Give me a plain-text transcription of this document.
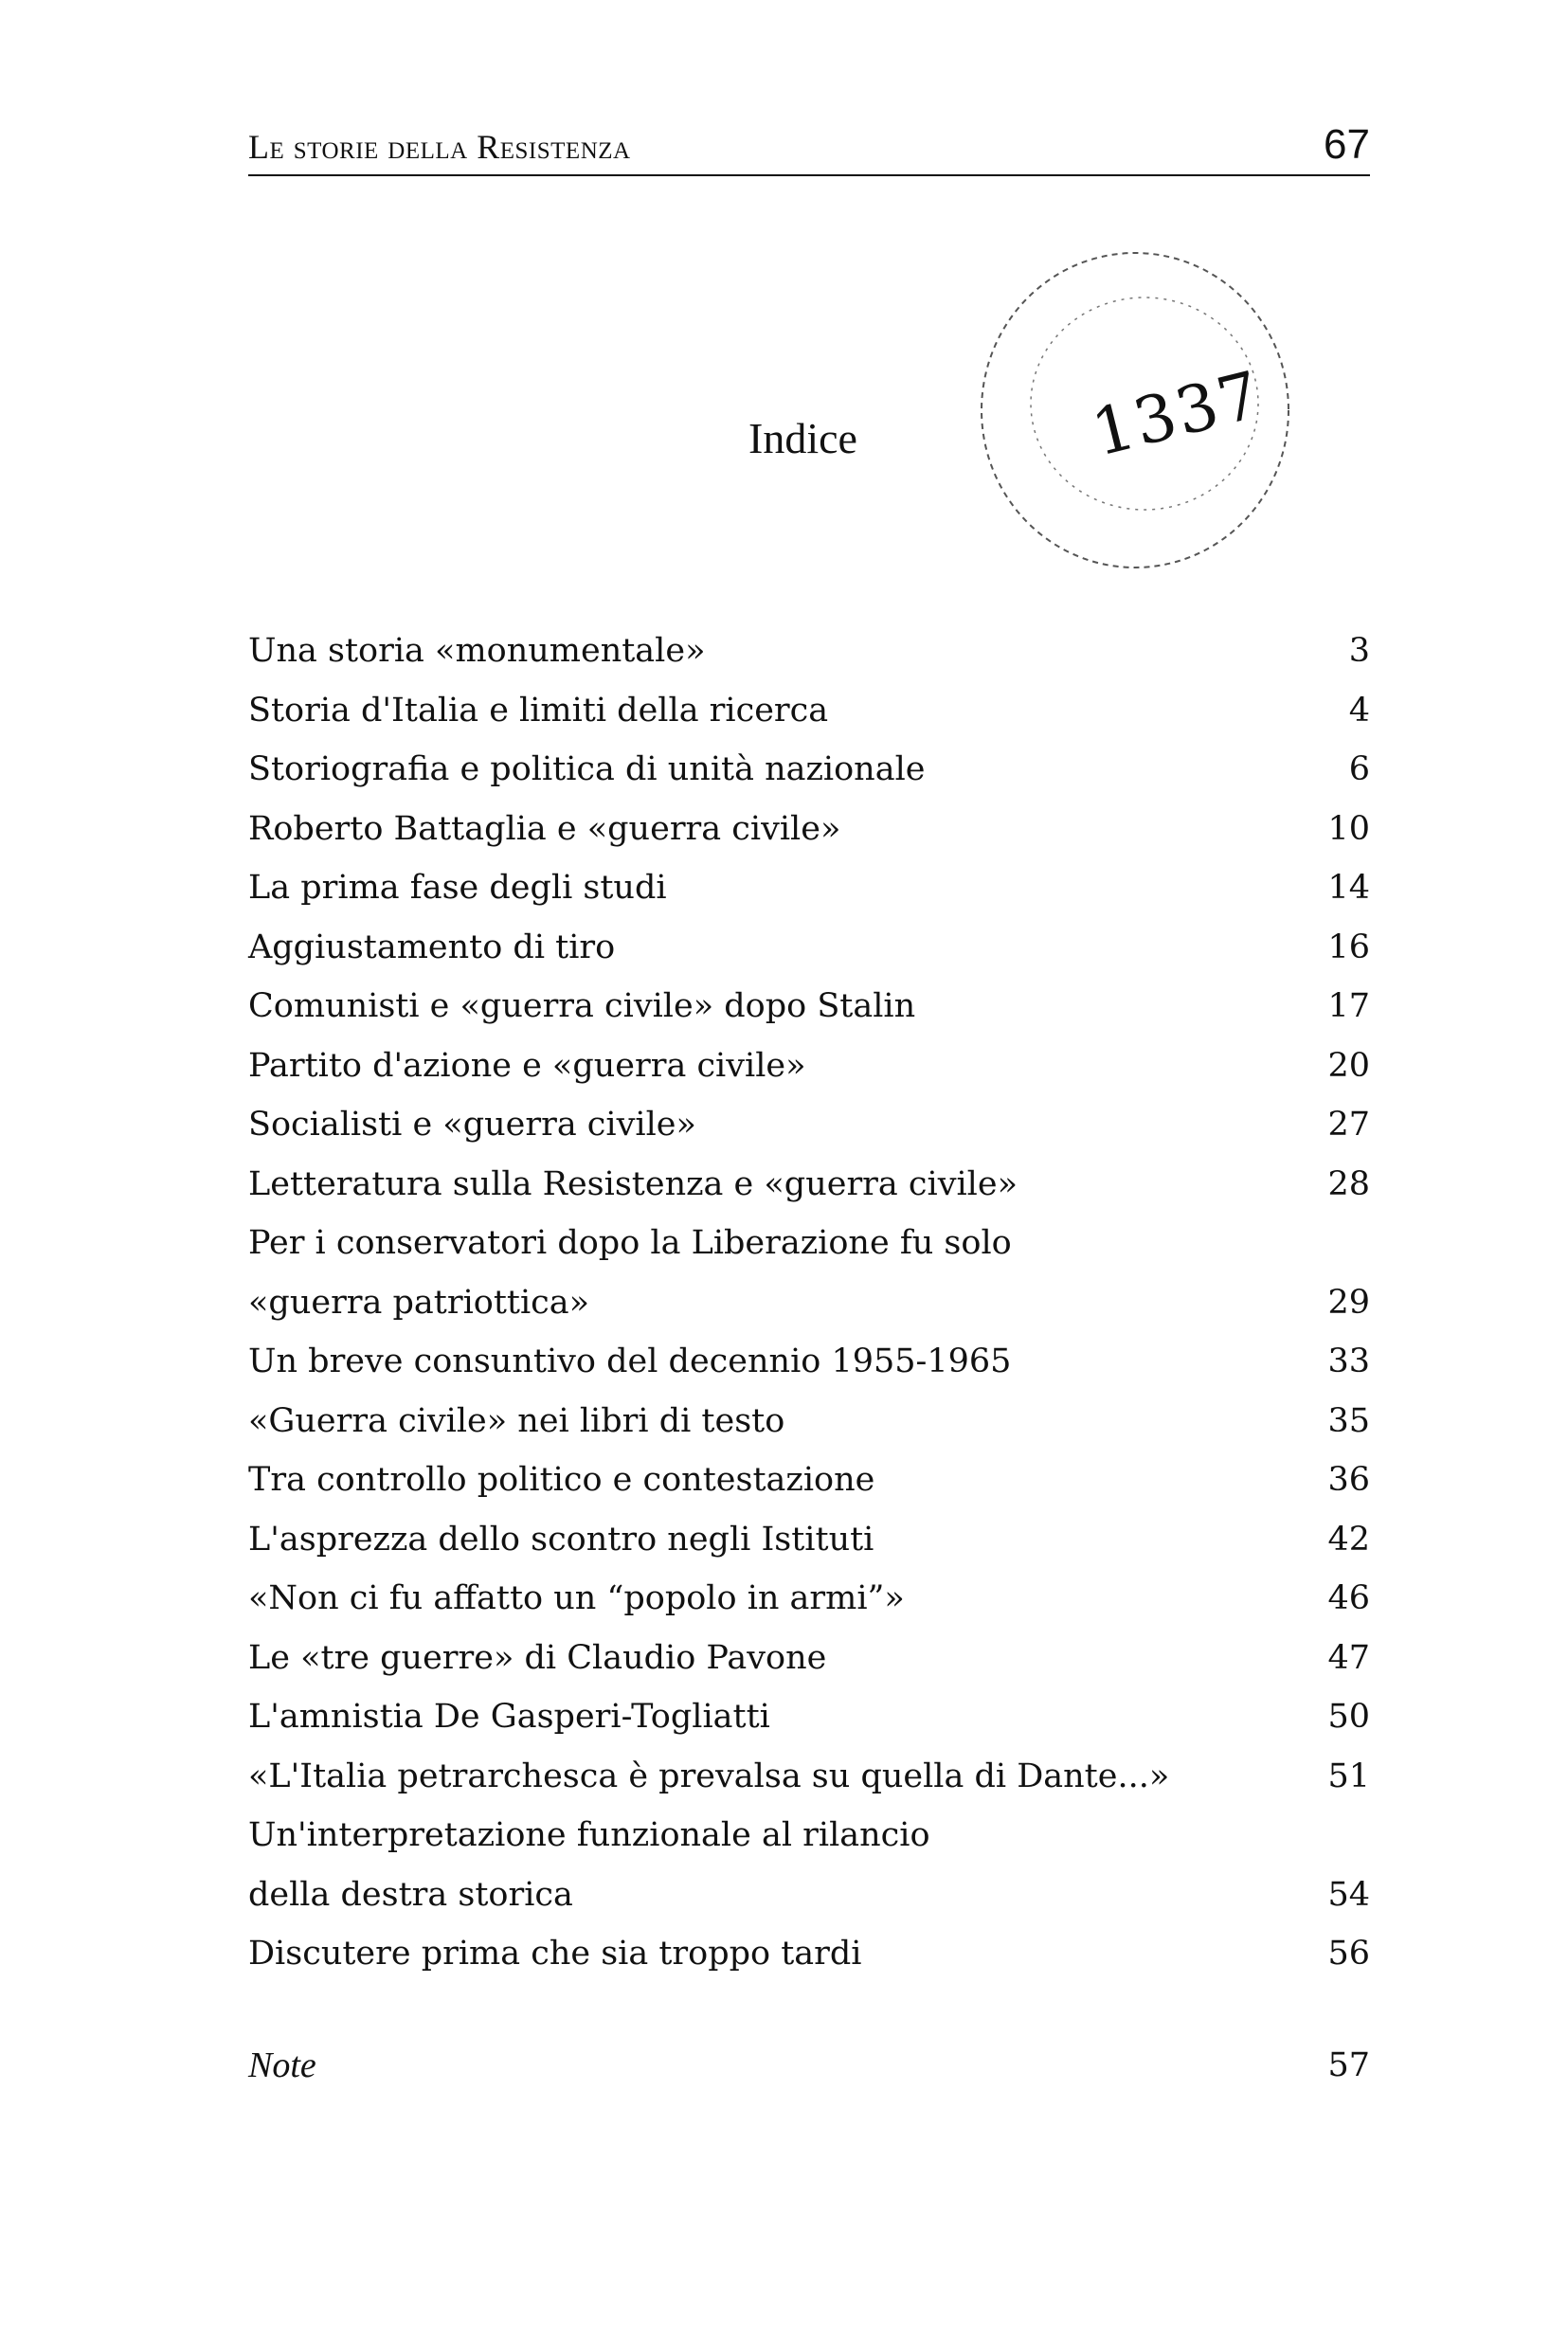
Le storie della Resistenza	67
Indice	1337
Una storia «monumentale»	3
Storia d'Italia e limiti della ricerca	4
Storiografia e politica di unità nazionale	6
Roberto Battaglia e «guerra civile»	10
La prima fase degli studi	14
Aggiustamento di tiro	16
Comunisti e «guerra civile» dopo Stalin	17
Partito d'azione e «guerra civile»	20
Socialisti e «guerra civile»	27
Letteratura sulla Resistenza e «guerra civile»	28
Per i conservatori dopo la Liberazione fu solo
«guerra patriottica»	29
Un breve consuntivo del decennio 1955-1965	33
«Guerra civile» nei libri di testo	35
Tra controllo politico e contestazione	36
L'asprezza dello scontro negli Istituti	42
«Non ci fu affatto un “popolo in armi”»	46
Le «tre guerre» di Claudio Pavone	47
L'amnistia De Gasperi-Togliatti	50
«L'Italia petrarchesca è prevalsa su quella di Dante...»	51
Un'interpretazione funzionale al rilancio
della destra storica	54
Discutere prima che sia troppo tardi	56
Note	57
